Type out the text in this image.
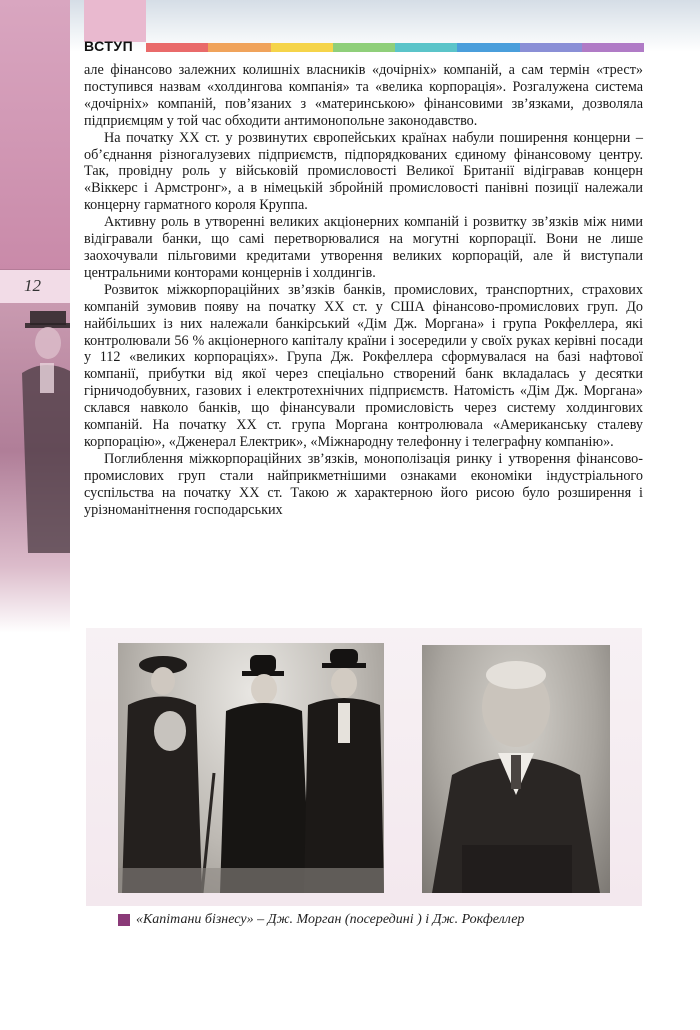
ВСТУП
12

але фінансово залежних колишніх власників «дочірніх» компаній, а сам термін «трест» поступився назвам «холдингова компанія» та «велика корпорація». Розгалужена система «дочірніх» компаній, пов’язаних з «материнською» фінансовими зв’язками, дозволяла підприємцям у той час обходити антимонопольне законодавство.

На початку XX ст. у розвинутих європейських країнах набули поширення концерни – об’єднання різногалузевих підприємств, підпорядкованих єдиному фінансовому центру. Так, провідну роль у військовій промисловості Великої Британії відігравав концерн «Віккерс і Армстронг», а в німецькій збройній промисловості панівні позиції належали концерну гарматного короля Круппа.

Активну роль в утворенні великих акціонерних компаній і розвитку зв’язків між ними відігравали банки, що самі перетворювалися на могутні корпорації. Вони не лише заохочували пільговими кредитами утворення великих корпорацій, але й виступали центральними конторами концернів і холдингів.

Розвиток міжкорпораційних зв’язків банків, промислових, транспортних, страхових компаній зумовив появу на початку XX ст. у США фінансово-промислових груп. До найбільших із них належали банкірський «Дім Дж. Моргана» і група Рокфеллера, які контролювали 56 % акціонерного капіталу країни і зосередили у своїх руках керівні посади у 112 «великих корпораціях». Група Дж. Рокфеллера сформувалася на базі нафтової компанії, прибутки від якої через спеціально створений банк вкладалась у десятки гірничодобувних, газових і електротехнічних підприємств. Натомість «Дім Дж. Моргана» склався навколо банків, що фінансували промисловість через систему холдингових компаній. На початку XX ст. група Моргана контролювала «Американську сталеву корпорацію», «Дженерал Електрик», «Міжнародну телефонну і телеграфну компанію».

Поглиблення міжкорпораційних зв’язків, монополізація ринку і утворення фінансово-промислових груп стали найприкметнішими ознаками економіки індустріального суспільства на початку XX ст. Такою ж характерною його рисою було розширення і урізноманітнення господарських

«Капітани бізнесу» – Дж. Морган (посередині ) і Дж. Рокфеллер
